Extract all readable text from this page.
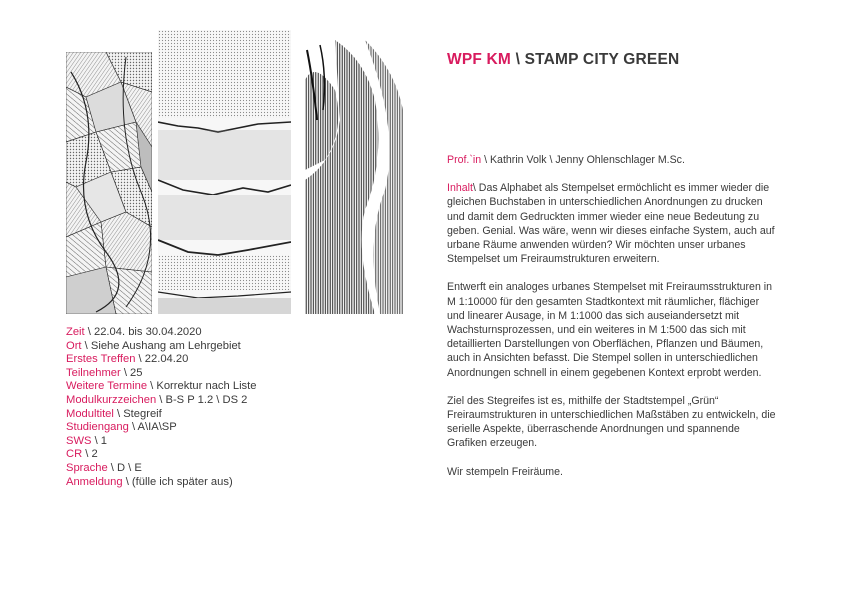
WPF KM \ STAMP CITY GREEN

Prof.`in \ Kathrin Volk \ Jenny Ohlenschlager M.Sc.

Inhalt\ Das Alphabet als Stempelset ermöchlicht es immer wieder die gleichen Buchstaben in unterschiedlichen Anordnungen zu drucken und damit dem Gedruckten immer wieder eine neue Bedeutung zu geben. Genial. Was wäre, wenn wir dieses einfache System, auch auf urbane Räume anwenden würden? Wir möchten unser urbanes Stempelset um Freiraumstrukturen erweitern.

Entwerft ein analoges urbanes Stempelset mit Freiraumsstrukturen in M 1:10000 für den gesamten Stadtkontext mit räumlicher, flächiger und linearer Ausage, in M 1:1000 das sich auseiandersetzt mit Wachsturnsprozessen, und ein weiteres in M 1:500 das sich mit detaillierten Darstellungen von Oberflächen, Pflanzen und Bäumen, auch in Ansichten befasst. Die Stempel sollen in unterschiedlichen Anordnungen schnell in einem gegebenen Kontext erprobt werden.

Ziel des Stegreifes ist es, mithilfe der Stadtstempel „Grün“ Freiraumstrukturen in unterschiedlichen Maßstäben zu entwickeln, die serielle Aspekte, überraschende Anordnungen und spannende Grafiken erzeugen.

Wir stempeln Freiräume.

Zeit \ 22.04. bis 30.04.2020
Ort \ Siehe Aushang am Lehrgebiet
Erstes Treffen \ 22.04.20
Teilnehmer \ 25
Weitere Termine \ Korrektur nach Liste
Modulkurzzeichen \ B-S P 1.2 \ DS 2
Modultitel \ Stegreif
Studiengang \ A\IA\SP
SWS \ 1
CR \ 2
Sprache \ D \ E
Anmeldung \ (fülle ich später aus)
